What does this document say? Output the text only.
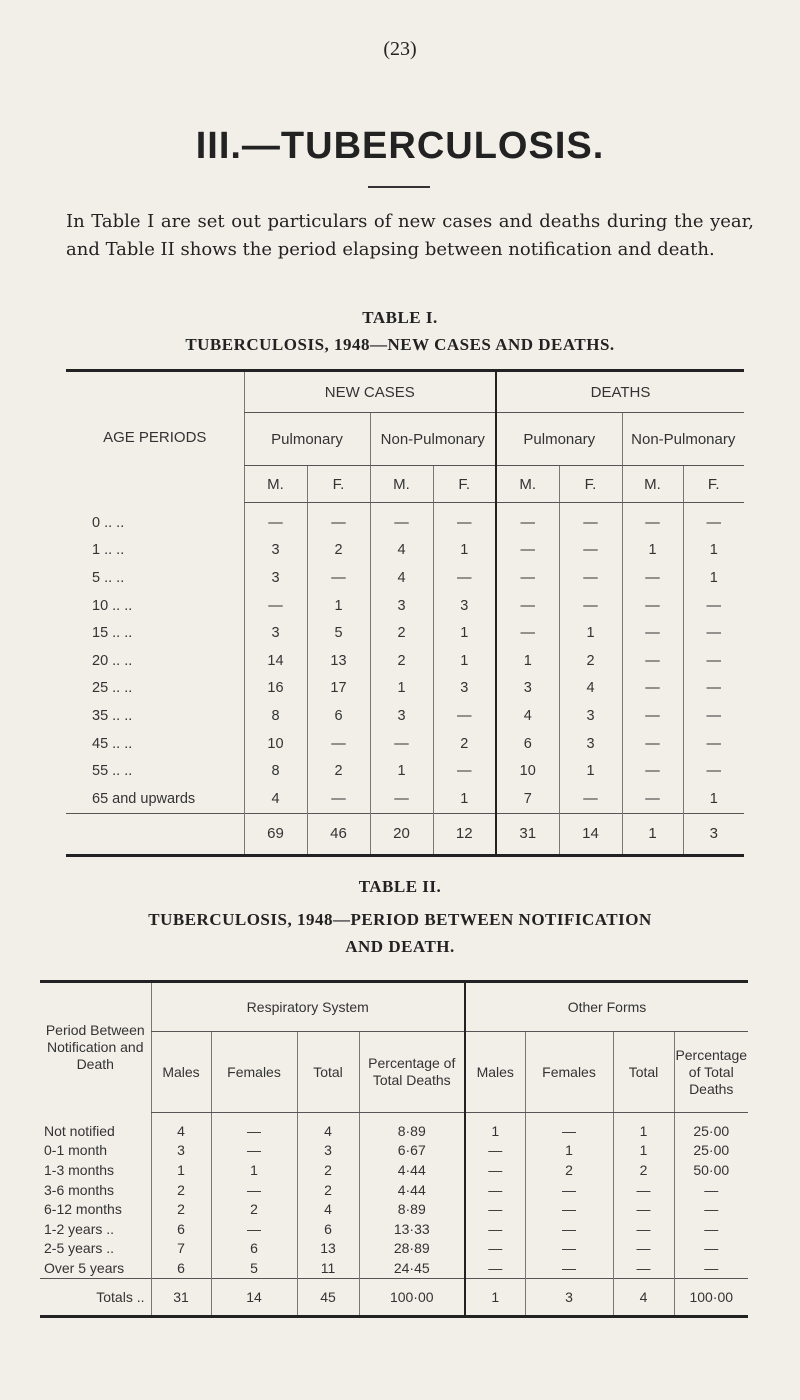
(23)
III.—TUBERCULOSIS.
In Table I are set out particulars of new cases and deaths during the year, and Table II shows the period elapsing between notification and death.
TABLE I.
TUBERCULOSIS, 1948—NEW CASES AND DEATHS.
AGE PERIODS	NEW CASES				DEATHS			
	Pulmonary		Non-Pulmonary		Pulmonary		Non-Pulmonary	
	M.	F.	M.	F.	M.	F.	M.	F.
0 .. ..	—	—	—	—	—	—	—	—
1 .. ..	3	2	4	1	—	—	1	1
5 .. ..	3	—	4	—	—	—	—	1
10 .. ..	—	1	3	3	—	—	—	—
15 .. ..	3	5	2	1	—	1	—	—
20 .. ..	14	13	2	1	1	2	—	—
25 .. ..	16	17	1	3	3	4	—	—
35 .. ..	8	6	3	—	4	3	—	—
45 .. ..	10	—	—	2	6	3	—	—
55 .. ..	8	2	1	—	10	1	—	—
65 and upwards	4	—	—	1	7	—	—	1
	69	46	20	12	31	14	1	3
TABLE II.
TUBERCULOSIS, 1948—PERIOD BETWEEN NOTIFICATION
AND DEATH.
Period Between Notification and Death	Respiratory System				Other Forms			
	Males	Females	Total	Percentage of Total Deaths	Males	Females	Total	Percentage of Total Deaths
Not notified	4	—	4	8·89	1	—	1	25·00
0-1 month	3	—	3	6·67	—	1	1	25·00
1-3 months	1	1	2	4·44	—	2	2	50·00
3-6 months	2	—	2	4·44	—	—	—	—
6-12 months	2	2	4	8·89	—	—	—	—
1-2 years ..	6	—	6	13·33	—	—	—	—
2-5 years ..	7	6	13	28·89	—	—	—	—
Over 5 years	6	5	11	24·45	—	—	—	—
Totals ..	31	14	45	100·00	1	3	4	100·00
